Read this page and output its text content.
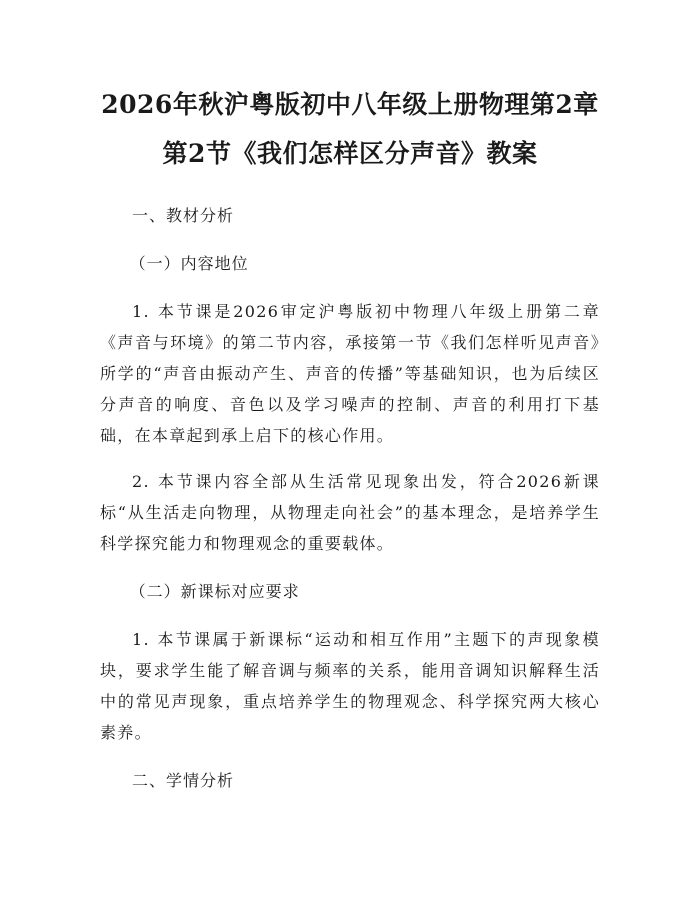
2026年秋沪粤版初中八年级上册物理第2章
第2节《我们怎样区分声音》教案

一、教材分析

（一）内容地位

1. 本节课是2026审定沪粤版初中物理八年级上册第二章《声音与环境》的第二节内容，承接第一节《我们怎样听见声音》所学的“声音由振动产生、声音的传播”等基础知识，也为后续区分声音的响度、音色以及学习噪声的控制、声音的利用打下基础，在本章起到承上启下的核心作用。

2. 本节课内容全部从生活常见现象出发，符合2026新课标“从生活走向物理，从物理走向社会”的基本理念，是培养学生科学探究能力和物理观念的重要载体。

（二）新课标对应要求

1. 本节课属于新课标“运动和相互作用”主题下的声现象模块，要求学生能了解音调与频率的关系，能用音调知识解释生活中的常见声现象，重点培养学生的物理观念、科学探究两大核心素养。

二、学情分析
